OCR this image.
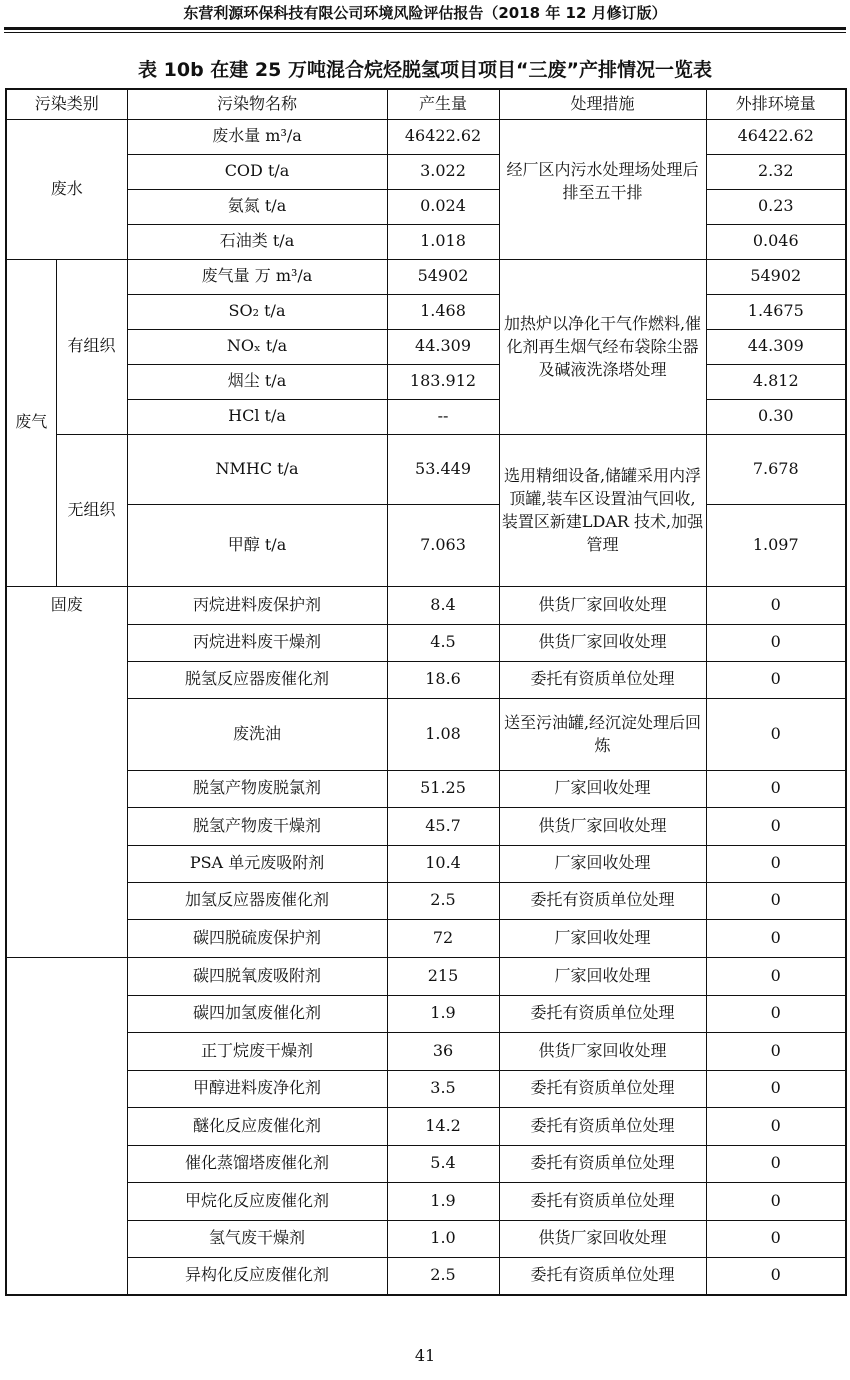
东营利源环保科技有限公司环境风险评估报告（2018 年 12 月修订版）
表 10b 在建 25 万吨混合烷烃脱氢项目项目“三废”产排情况一览表
污染类别		污染物名称	产生量	处理措施	外排环境量
废水		废水量 m³/a	46422.62		46422.62
		COD t/a	3.022	经厂区内污水处理场处理后排至五干排	2.32
		氨氮 t/a	0.024		0.23
		石油类 t/a	1.018		0.046
废气	有组织	废气量 万 m³/a	54902	加热炉以净化干气作燃料,催化剂再生烟气经布袋除尘器及碱液洗涤塔处理	54902
		SO₂ t/a	1.468		1.4675
		NOₓ t/a	44.309		44.309
		烟尘 t/a	183.912		4.812
		HCl t/a	--		0.30
	无组织	NMHC t/a	53.449	选用精细设备,储罐采用内浮顶罐,装车区设置油气回收,装置区新建LDAR 技术,加强管理	7.678
		甲醇 t/a	7.063		1.097
固废		丙烷进料废保护剂	8.4	供货厂家回收处理	0
		丙烷进料废干燥剂	4.5	供货厂家回收处理	0
		脱氢反应器废催化剂	18.6	委托有资质单位处理	0
		废洗油	1.08	送至污油罐,经沉淀处理后回炼	0
		脱氢产物废脱氯剂	51.25	厂家回收处理	0
		脱氢产物废干燥剂	45.7	供货厂家回收处理	0
		PSA 单元废吸附剂	10.4	厂家回收处理	0
		加氢反应器废催化剂	2.5	委托有资质单位处理	0
		碳四脱硫废保护剂	72	厂家回收处理	0
		碳四脱氧废吸附剂	215	厂家回收处理	0
		碳四加氢废催化剂	1.9	委托有资质单位处理	0
		正丁烷废干燥剂	36	供货厂家回收处理	0
		甲醇进料废净化剂	3.5	委托有资质单位处理	0
		醚化反应废催化剂	14.2	委托有资质单位处理	0
		催化蒸馏塔废催化剂	5.4	委托有资质单位处理	0
		甲烷化反应废催化剂	1.9	委托有资质单位处理	0
		氢气废干燥剂	1.0	供货厂家回收处理	0
		异构化反应废催化剂	2.5	委托有资质单位处理	0
41
